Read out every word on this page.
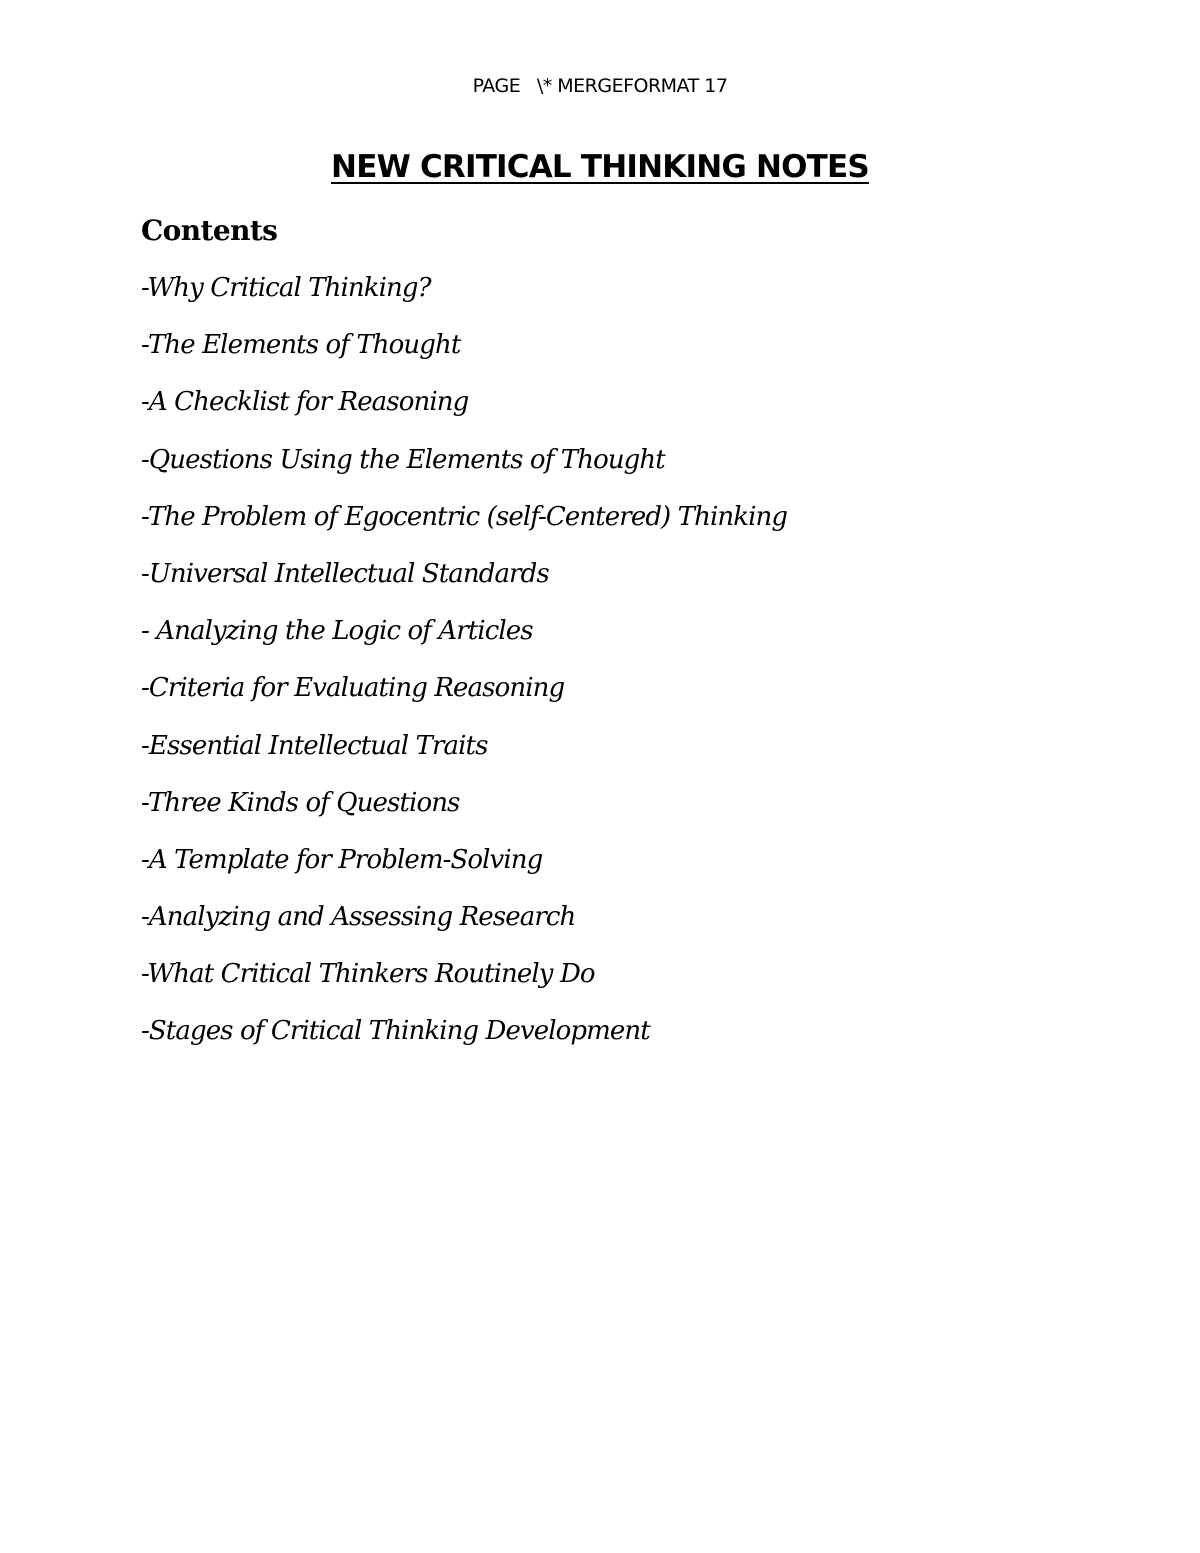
PAGE   \* MERGEFORMAT 17
NEW CRITICAL THINKING NOTES
Contents
-Why Critical Thinking?
-The Elements of Thought
-A Checklist for Reasoning
-Questions Using the Elements of Thought
-The Problem of Egocentric (self-Centered) Thinking
-Universal Intellectual Standards
- Analyzing the Logic of Articles
-Criteria for Evaluating Reasoning
-Essential Intellectual Traits
-Three Kinds of Questions
-A Template for Problem-Solving
-Analyzing and Assessing Research
-What Critical Thinkers Routinely Do
-Stages of Critical Thinking Development
